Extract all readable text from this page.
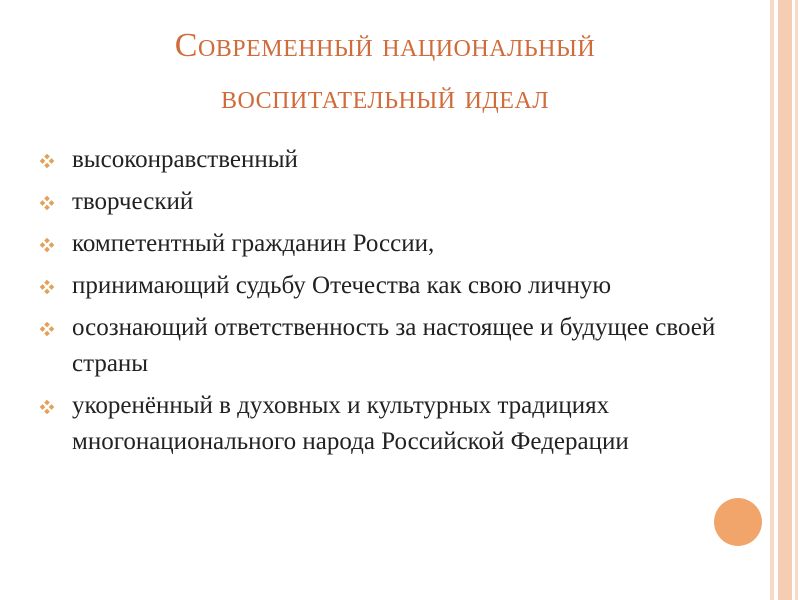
Современный национальный
воспитательный идеал
высоконравственный
творческий
компетентный гражданин России,
принимающий судьбу Отечества как свою личную
осознающий ответственность за настоящее и будущее своей страны
укоренённый в духовных и культурных традициях многонационального народа Российской Федерации
